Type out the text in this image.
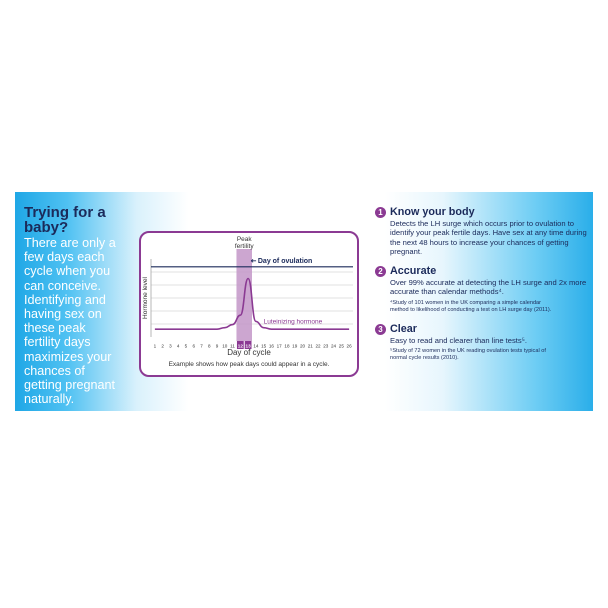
Trying for a baby?

There are only a few days each cycle when you can conceive. Identifying and having sex on these peak fertility days maximizes your chances of getting pregnant naturally.

1 2 3 4 5 6 7 8 9 10 11 12 13 14 15 16 17 18 19 20 21 22 23 24 25 26
Peak
fertility
Day of ovulation
Luteinizing hormone
Hormone level
Day of cycle
Example shows how peak days could appear in a cycle.
1 Know your body
Detects the LH surge which occurs prior to ovulation to identify your peak fertile days. Have sex at any time during the next 48 hours to increase your chances of getting pregnant.
2 Accurate
Over 99% accurate at detecting the LH surge and 2x more accurate than calendar methods⁴.
⁴Study of 101 women in the UK comparing a simple calendar method to likelihood of conducting a test on LH surge day (2011).
3 Clear
Easy to read and clearer than line tests⁵.
⁵Study of 72 women in the UK reading ovulation tests typical of normal cycle results (2010).
